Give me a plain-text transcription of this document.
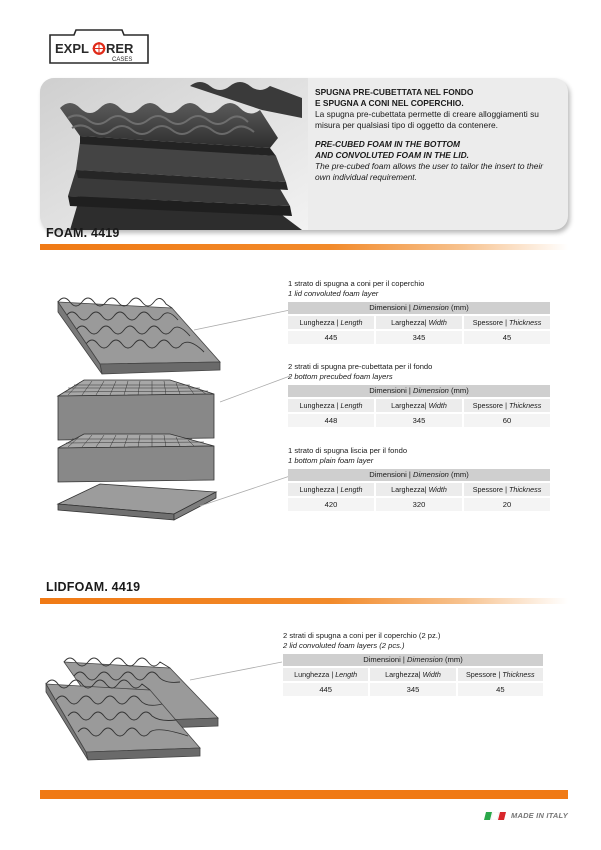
EXPL RER
CASES
SPUGNA PRE-CUBETTATA NEL FONDO
E SPUGNA A CONI NEL COPERCHIO.
La spugna pre-cubettata permette di creare alloggiamenti su
misura per qualsiasi tipo di oggetto da contenere.
PRE-CUBED FOAM IN THE BOTTOM
AND CONVOLUTED FOAM IN THE LID.
The pre-cubed foam allows the user to tailor the insert to their
own individual requirement.
FOAM. 4419
1 strato di spugna a coni per il coperchio
1 lid convoluted foam layer
Dimensioni | Dimension (mm)
Lunghezza | Length	Larghezza| Width	Spessore | Thickness
445	345	45
2 strati di spugna pre-cubettata per il fondo
2 bottom precubed foam layers
Dimensioni | Dimension (mm)
Lunghezza | Length	Larghezza| Width	Spessore | Thickness
448	345	60
1 strato di spugna liscia per il fondo
1 bottom plain foam layer
Dimensioni | Dimension (mm)
Lunghezza | Length	Larghezza| Width	Spessore | Thickness
420	320	20
LIDFOAM. 4419
2 strati di spugna a coni per il coperchio (2 pz.)
2 lid convoluted foam layers (2 pcs.)
Dimensioni | Dimension (mm)
Lunghezza | Length	Larghezza| Width	Spessore | Thickness
445	345	45
MADE IN ITALY
